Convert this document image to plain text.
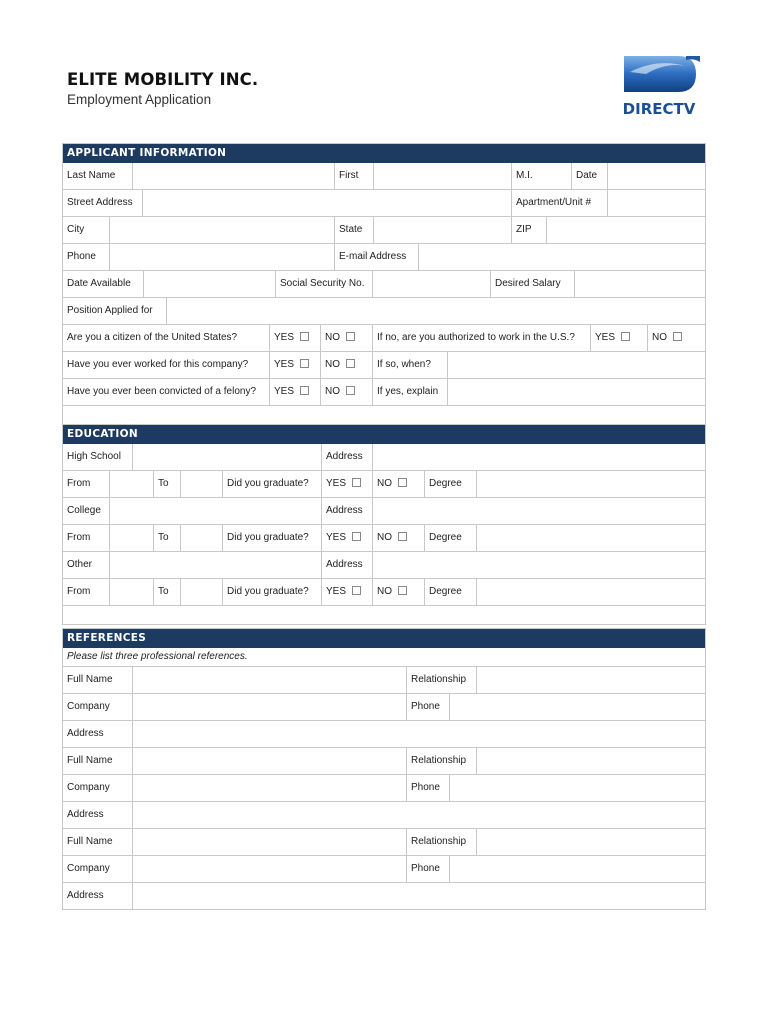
ELITE MOBILITY INC.
Employment Application
DIRECTV
APPLICANT INFORMATION
Last Name	First	M.I.	Date
Street Address	Apartment/Unit #
City	State	ZIP
Phone	E-mail Address
Date Available	Social Security No.	Desired Salary
Position Applied for
Are you a citizen of the United States?	YES	NO	If no, are you authorized to work in the U.S.?	YES	NO
Have you ever worked for this company?	YES	NO	If so, when?
Have you ever been convicted of a felony?	YES	NO	If yes, explain
EDUCATION
High School	Address
From	To	Did you graduate?	YES	NO	Degree
College	Address
From	To	Did you graduate?	YES	NO	Degree
Other	Address
From	To	Did you graduate?	YES	NO	Degree
REFERENCES
Please list three professional references.
Full Name	Relationship
Company	Phone
Address
Full Name	Relationship
Company	Phone
Address
Full Name	Relationship
Company	Phone
Address
